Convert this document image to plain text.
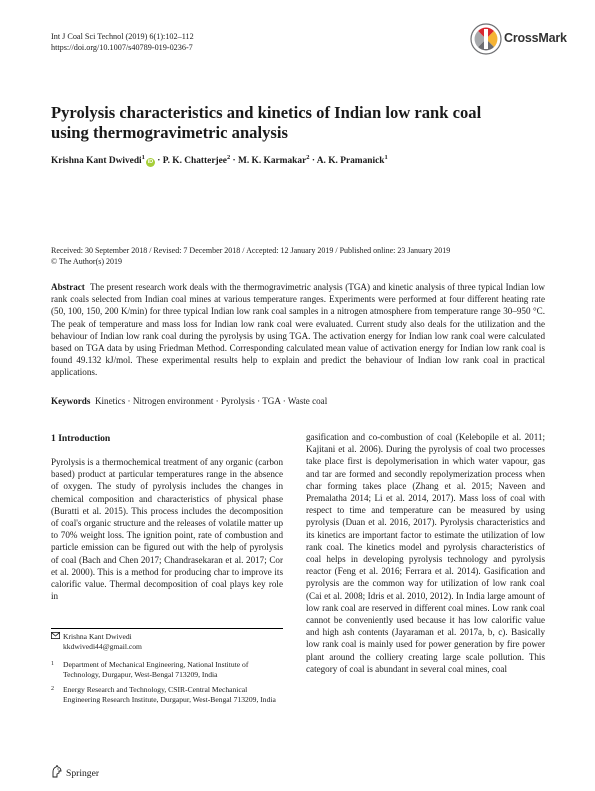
Int J Coal Sci Technol (2019) 6(1):102–112
https://doi.org/10.1007/s40789-019-0236-7
CrossMark
Pyrolysis characteristics and kinetics of Indian low rank coal using thermogravimetric analysis
Krishna Kant Dwivedi$^1$iD · P. K. Chatterjee$^2$ · M. K. Karmakar$^2$ · A. K. Pramanick$^1$
Received: 30 September 2018 / Revised: 7 December 2018 / Accepted: 12 January 2019 / Published online: 23 January 2019
© The Author(s) 2019
Abstract The present research work deals with the thermogravimetric analysis (TGA) and kinetic analysis of three typical Indian low rank coals selected from Indian coal mines at various temperature ranges. Experiments were performed at four different heating rate (50, 100, 150, 200 K/min) for three typical Indian low rank coal samples in a nitrogen atmosphere from temperature range 30–950 °C. The peak of temperature and mass loss for Indian low rank coal were evaluated. Current study also deals for the utilization and the behaviour of Indian low rank coal during the pyrolysis by using TGA. The activation energy for Indian low rank coal were calculated based on TGA data by using Friedman Method. Corresponding calculated mean value of activation energy for Indian low rank coal is found 49.132 kJ/mol. These experimental results help to explain and predict the behaviour of Indian low rank coal in practical applications.
Keywords Kinetics · Nitrogen environment · Pyrolysis · TGA · Waste coal
1 Introduction
Pyrolysis is a thermochemical treatment of any organic (carbon based) product at particular temperatures range in the absence of oxygen. The study of pyrolysis includes the changes in chemical composition and characteristics of physical phase (Buratti et al. 2015). This process includes the decomposition of coal's organic structure and the releases of volatile matter up to 70% weight loss. The ignition point, rate of combustion and particle emission can be figured out with the help of pyrolysis of coal (Bach and Chen 2017; Chandrasekaran et al. 2017; Cor et al. 2000). This is a method for producing char to improve its calorific value. Thermal decomposition of coal plays key role in
gasification and co-combustion of coal (Kelebopile et al. 2011; Kajitani et al. 2006). During the pyrolysis of coal two processes take place first is depolymerisation in which water vapour, gas and tar are formed and secondly repolymerization process when char forming takes place (Zhang et al. 2015; Naveen and Premalatha 2014; Li et al. 2014, 2017). Mass loss of coal with respect to time and temperature can be measured by using pyrolysis (Duan et al. 2016, 2017). Pyrolysis characteristics and its kinetics are important factor to estimate the utilization of low rank coal. The kinetics model and pyrolysis characteristics of coal helps in developing pyrolysis technology and pyrolysis reactor (Feng et al. 2016; Ferrara et al. 2014). Gasification and pyrolysis are the common way for utilization of low rank coal (Cai et al. 2008; Idris et al. 2010, 2012). In India large amount of low rank coal are reserved in different coal mines. Low rank coal cannot be conveniently used because it has low calorific value and high ash contents (Jayaraman et al. 2017a, b, c). Basically low rank coal is mainly used for power generation by fire power plant around the colliery creating large scale pollution. This category of coal is abundant in several coal mines, coal
Krishna Kant Dwivedi
kkdwivedi44@gmail.com
1 Department of Mechanical Engineering, National Institute of Technology, Durgapur, West-Bengal 713209, India
2 Energy Research and Technology, CSIR-Central Mechanical Engineering Research Institute, Durgapur, West-Bengal 713209, India
Springer
